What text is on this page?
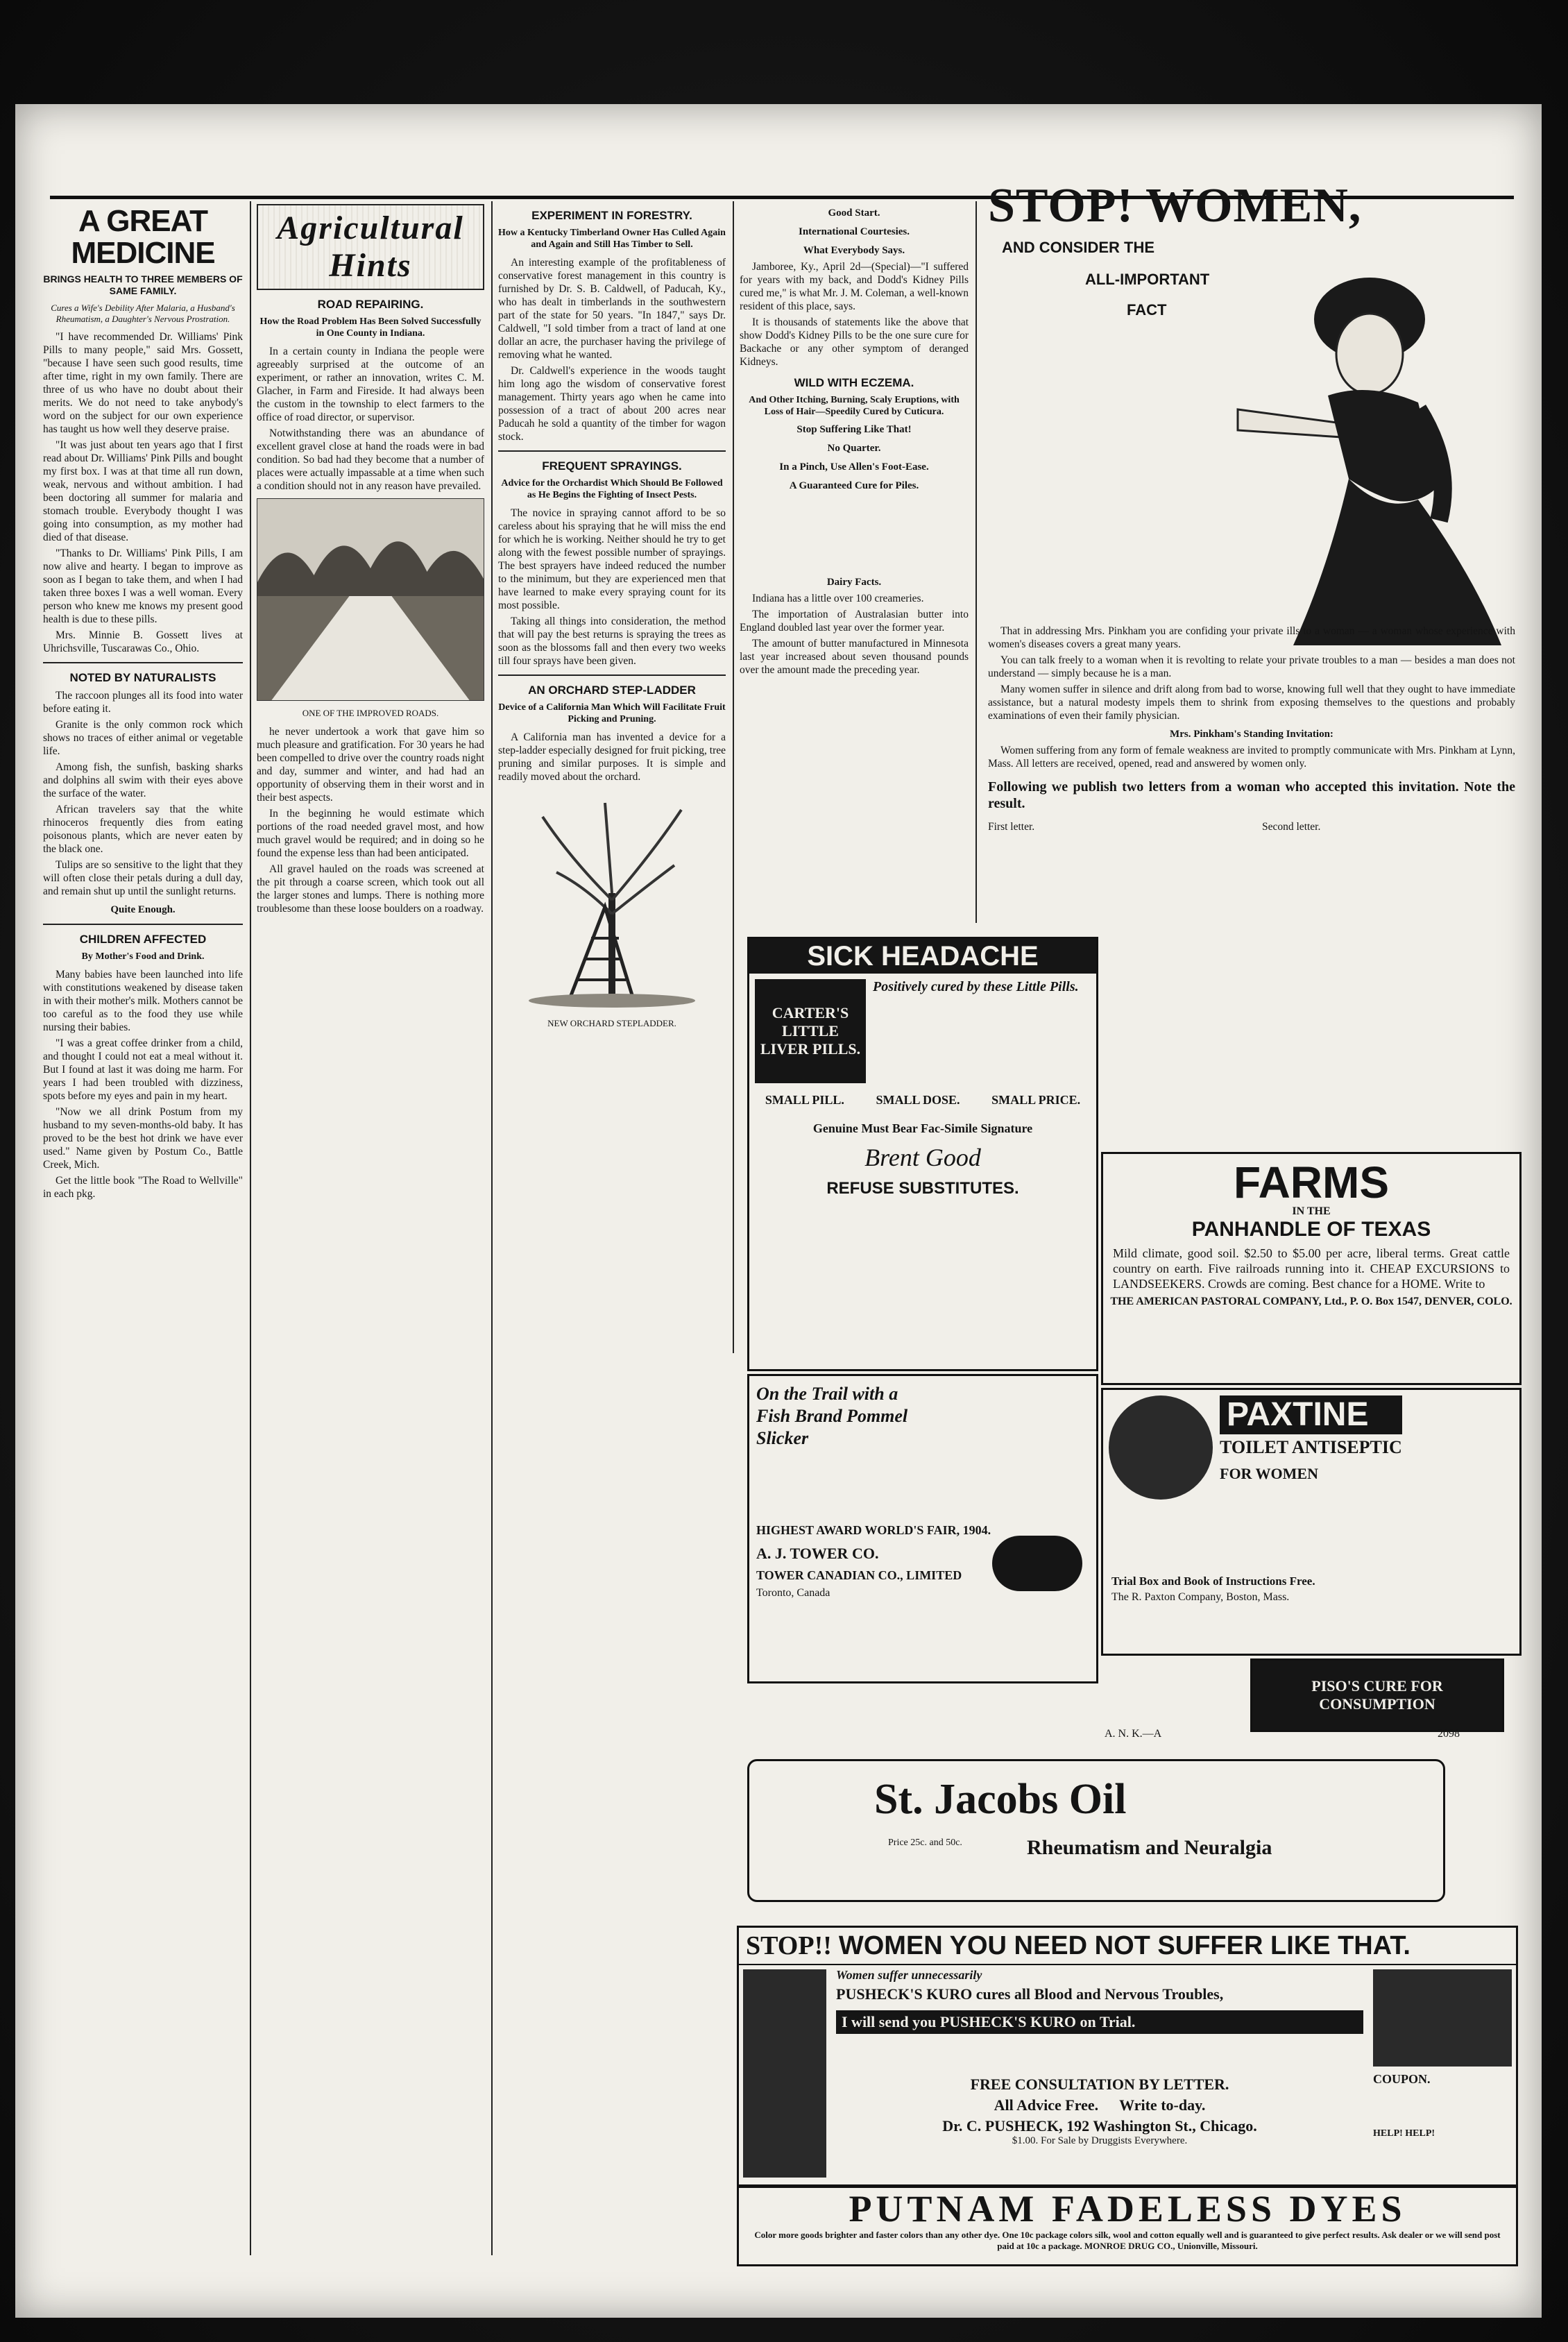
A GREAT MEDICINE
BRINGS HEALTH TO THREE MEMBERS OF SAME FAMILY.
Cures a Wife's Debility After Malaria, a Husband's Rheumatism, a Daughter's Nervous Prostration.

"I have recommended Dr. Williams' Pink Pills to many people," said Mrs. Gossett, "because I have seen such good results, time after time, right in my own family. There are three of us who have no doubt about their merits. We do not need to take anybody's word on the subject for our own experience has taught us how well they deserve praise.

"It was just about ten years ago that I first read about Dr. Williams' Pink Pills and bought my first box. I was at that time all run down, weak, nervous and without ambition. I had been doctoring all summer for malaria and stomach trouble. Everybody thought I was going into consumption, as my mother had died of that disease.

"Thanks to Dr. Williams' Pink Pills, I am now alive and hearty. I began to improve as soon as I began to take them, and when I had taken three boxes I was a well woman. Every person who knew me knows my present good health is due to these pills.

Mrs. Minnie B. Gossett lives at Uhrichsville, Tuscarawas Co., Ohio.

NOTED BY NATURALISTS

The raccoon plunges all its food into water before eating it.

Granite is the only common rock which shows no traces of either animal or vegetable life.

Among fish, the sunfish, basking sharks and dolphins all swim with their eyes above the surface of the water.

African travelers say that the white rhinoceros frequently dies from eating poisonous plants, which are never eaten by the black one.

Tulips are so sensitive to the light that they will often close their petals during a dull day, and remain shut up until the sunlight returns.

Quite Enough.
CHILDREN AFFECTED
By Mother's Food and Drink.

Many babies have been launched into life with constitutions weakened by disease taken in with their mother's milk. Mothers cannot be too careful as to the food they use while nursing their babies.

"I was a great coffee drinker from a child, and thought I could not eat a meal without it. But I found at last it was doing me harm. For years I had been troubled with dizziness, spots before my eyes and pain in my heart.

"Now we all drink Postum from my husband to my seven-months-old baby. It has proved to be the best hot drink we have ever used." Name given by Postum Co., Battle Creek, Mich.

Get the little book "The Road to Wellville" in each pkg.

Agricultural Hints
ROAD REPAIRING.
How the Road Problem Has Been Solved Successfully in One County in Indiana.

In a certain county in Indiana the people were agreeably surprised at the outcome of an experiment, or rather an innovation, writes C. M. Glacher, in Farm and Fireside. It had always been the custom in the township to elect farmers to the office of road director, or supervisor.

Notwithstanding there was an abundance of excellent gravel close at hand the roads were in bad condition. So bad had they become that a number of places were actually impassable at a time when such a condition should not in any reason have prevailed.

ONE OF THE IMPROVED ROADS.

he never undertook a work that gave him so much pleasure and gratification. For 30 years he had been compelled to drive over the country roads night and day, summer and winter, and had had an opportunity of observing them in their worst and in their best aspects.

In the beginning he would estimate which portions of the road needed gravel most, and how much gravel would be required; and in doing so he found the expense less than had been anticipated.

All gravel hauled on the roads was screened at the pit through a coarse screen, which took out all the larger stones and lumps. There is nothing more troublesome than these loose boulders on a roadway.

EXPERIMENT IN FORESTRY.
How a Kentucky Timberland Owner Has Culled Again and Again and Still Has Timber to Sell.

An interesting example of the profitableness of conservative forest management in this country is furnished by Dr. S. B. Caldwell, of Paducah, Ky., who has dealt in timberlands in the southwestern part of the state for 50 years. "In 1847," says Dr. Caldwell, "I sold timber from a tract of land at one dollar an acre, the purchaser having the privilege of removing what he wanted.

Dr. Caldwell's experience in the woods taught him long ago the wisdom of conservative forest management. Thirty years ago when he came into possession of a tract of about 200 acres near Paducah he sold a quantity of the timber for wagon stock.

FREQUENT SPRAYINGS.
Advice for the Orchardist Which Should Be Followed as He Begins the Fighting of Insect Pests.

The novice in spraying cannot afford to be so careless about his spraying that he will miss the end for which he is working. Neither should he try to get along with the fewest possible number of sprayings. The best sprayers have indeed reduced the number to the minimum, but they are experienced men that have learned to make every spraying count for its most possible.

Taking all things into consideration, the method that will pay the best returns is spraying the trees as soon as the blossoms fall and then every two weeks till four sprays have been given.

AN ORCHARD STEP-LADDER
Device of a California Man Which Will Facilitate Fruit Picking and Pruning.

A California man has invented a device for a step-ladder especially designed for fruit picking, tree pruning and similar purposes. It is simple and readily moved about the orchard.

NEW ORCHARD STEPLADDER.
Good Start.
International Courtesies.
What Everybody Says.

Jamboree, Ky., April 2d—(Special)—"I suffered for years with my back, and Dodd's Kidney Pills cured me," is what Mr. J. M. Coleman, a well-known resident of this place, says.

It is thousands of statements like the above that show Dodd's Kidney Pills to be the one sure cure for Backache or any other symptom of deranged Kidneys.

WILD WITH ECZEMA.
And Other Itching, Burning, Scaly Eruptions, with Loss of Hair—Speedily Cured by Cuticura.
Stop Suffering Like That!
No Quarter.
In a Pinch, Use Allen's Foot-Ease.
A Guaranteed Cure for Piles.
Dairy Facts.

Indiana has a little over 100 creameries.

The importation of Australasian butter into England doubled last year over the former year.

The amount of butter manufactured in Minnesota last year increased about seven thousand pounds over the amount made the preceding year.

STOP! WOMEN,
AND CONSIDER THE
ALL-IMPORTANT
FACT

That in addressing Mrs. Pinkham you are confiding your private ills to a woman — a woman whose experience with women's diseases covers a great many years.

You can talk freely to a woman when it is revolting to relate your private troubles to a man — besides a man does not understand — simply because he is a man.

Many women suffer in silence and drift along from bad to worse, knowing full well that they ought to have immediate assistance, but a natural modesty impels them to shrink from exposing themselves to the questions and probably examinations of even their family physician.

Mrs. Pinkham's Standing Invitation:

Women suffering from any form of female weakness are invited to promptly communicate with Mrs. Pinkham at Lynn, Mass. All letters are received, opened, read and answered by women only.

Following we publish two letters from a woman who accepted this invitation. Note the result.
First letter.	Second letter.
SICK HEADACHE
CARTER'S LITTLE LIVER PILLS.
Positively cured by these Little Pills.
SMALL PILL.	SMALL DOSE.	SMALL PRICE.
Genuine Must Bear Fac-Simile Signature
Brent Good
REFUSE SUBSTITUTES.
On the Trail with a Fish Brand Pommel Slicker
HIGHEST AWARD WORLD'S FAIR, 1904.
A. J. TOWER CO.
TOWER CANADIAN CO., LIMITED
Toronto, Canada
FARMS
IN THE
PANHANDLE OF TEXAS
Mild climate, good soil. $2.50 to $5.00 per acre, liberal terms. Great cattle country on earth. Five railroads running into it. CHEAP EXCURSIONS to LANDSEEKERS. Crowds are coming. Best chance for a HOME. Write to
THE AMERICAN PASTORAL COMPANY, Ltd., P. O. Box 1547, DENVER, COLO.
PAXTINE
TOILET ANTISEPTIC
FOR WOMEN
Trial Box and Book of Instructions Free.
The R. Paxton Company, Boston, Mass.
PISO'S CURE FOR CONSUMPTION
A. N. K.—A	2098
St. Jacobs Oil
Price 25c. and 50c.	Rheumatism and Neuralgia
STOP!! WOMEN YOU NEED NOT SUFFER LIKE THAT.
Women suffer unnecessarily
PUSHECK'S KURO cures all Blood and Nervous Troubles,
I will send you PUSHECK'S KURO on Trial.
FREE CONSULTATION BY LETTER.
All Advice Free. Write to-day.
Dr. C. PUSHECK, 192 Washington St., Chicago.
$1.00. For Sale by Druggists Everywhere.
COUPON.
HELP! HELP!
PUTNAM FADELESS DYES
Color more goods brighter and faster colors than any other dye. One 10c package colors silk, wool and cotton equally well and is guaranteed to give perfect results. Ask dealer or we will send post paid at 10c a package. MONROE DRUG CO., Unionville, Missouri.
